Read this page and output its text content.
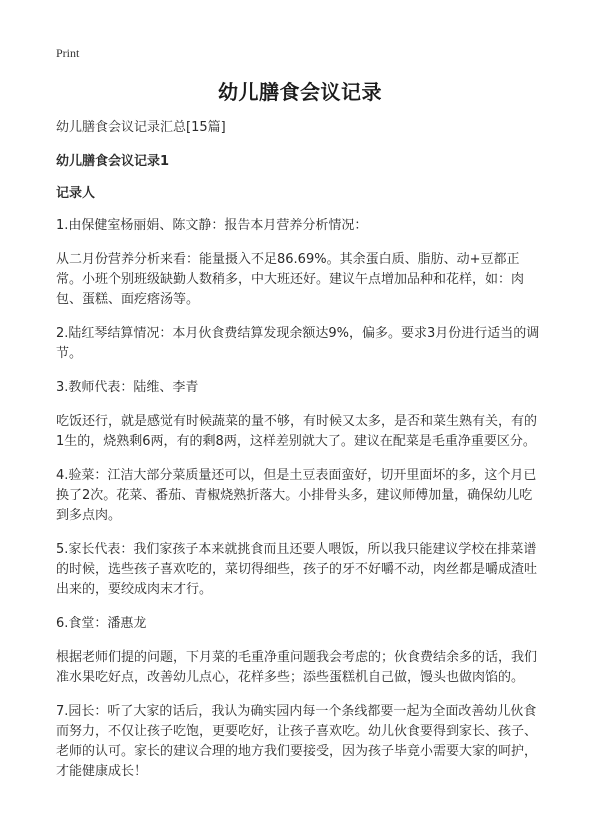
Print
幼儿膳食会议记录

幼儿膳食会议记录汇总[15篇]

幼儿膳食会议记录1

记录人

1.由保健室杨丽娟、陈文静：报告本月营养分析情况：

从二月份营养分析来看：能量摄入不足86.69%。其余蛋白质、脂肪、动+豆都正常。小班个别班级缺勤人数稍多，中大班还好。建议午点增加品种和花样，如：肉包、蛋糕、面疙瘩汤等。

2.陆红琴结算情况：本月伙食费结算发现余额达9%，偏多。要求3月份进行适当的调节。

3.教师代表：陆维、李青

吃饭还行，就是感觉有时候蔬菜的量不够，有时候又太多，是否和菜生熟有关，有的1生的，烧熟剩6两，有的剩8两，这样差别就大了。建议在配菜是毛重净重要区分。

4.验菜：江洁大部分菜质量还可以，但是土豆表面蛮好，切开里面坏的多，这个月已换了2次。花菜、番茄、青椒烧熟折落大。小排骨头多，建议师傅加量，确保幼儿吃到多点肉。

5.家长代表：我们家孩子本来就挑食而且还要人喂饭，所以我只能建议学校在排菜谱的时候，选些孩子喜欢吃的，菜切得细些，孩子的牙不好嚼不动，肉丝都是嚼成渣吐出来的，要绞成肉末才行。

6.食堂：潘惠龙

根据老师们提的问题，下月菜的毛重净重问题我会考虑的；伙食费结余多的话，我们准水果吃好点，改善幼儿点心，花样多些；添些蛋糕机自己做，馒头也做肉馅的。

7.园长：听了大家的话后，我认为确实园内每一个条线都要一起为全面改善幼儿伙食而努力，不仅让孩子吃饱，更要吃好，让孩子喜欢吃。幼儿伙食要得到家长、孩子、老师的认可。家长的建议合理的地方我们要接受，因为孩子毕竟小需要大家的呵护，才能健康成长！
